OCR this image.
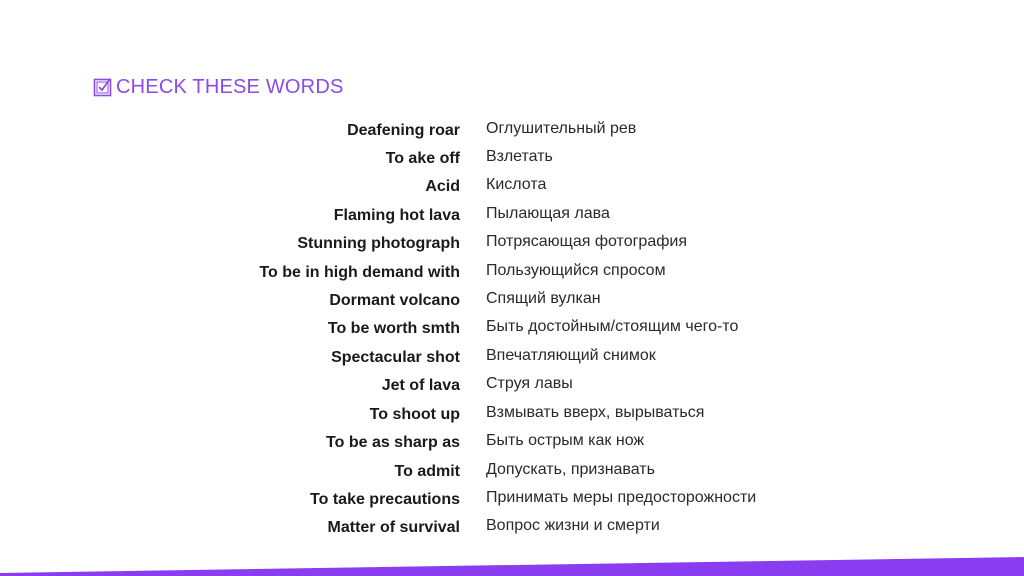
CHECK THESE WORDS
Deafening roar Оглушительный рев
To ake off Взлетать
Acid Кислота
Flaming hot lava Пылающая лава
Stunning photograph Потрясающая фотография
To be in high demand with Пользующийся спросом
Dormant volcano Спящий вулкан
To be worth smth Быть достойным/стоящим чего-то
Spectacular shot Впечатляющий снимок
Jet of lava Струя лавы
To shoot up Взмывать вверх, вырываться
To be as sharp as Быть острым как нож
To admit Допускать, признавать
To take precautions Принимать меры предосторожности
Matter of survival Вопрос жизни и смерти
